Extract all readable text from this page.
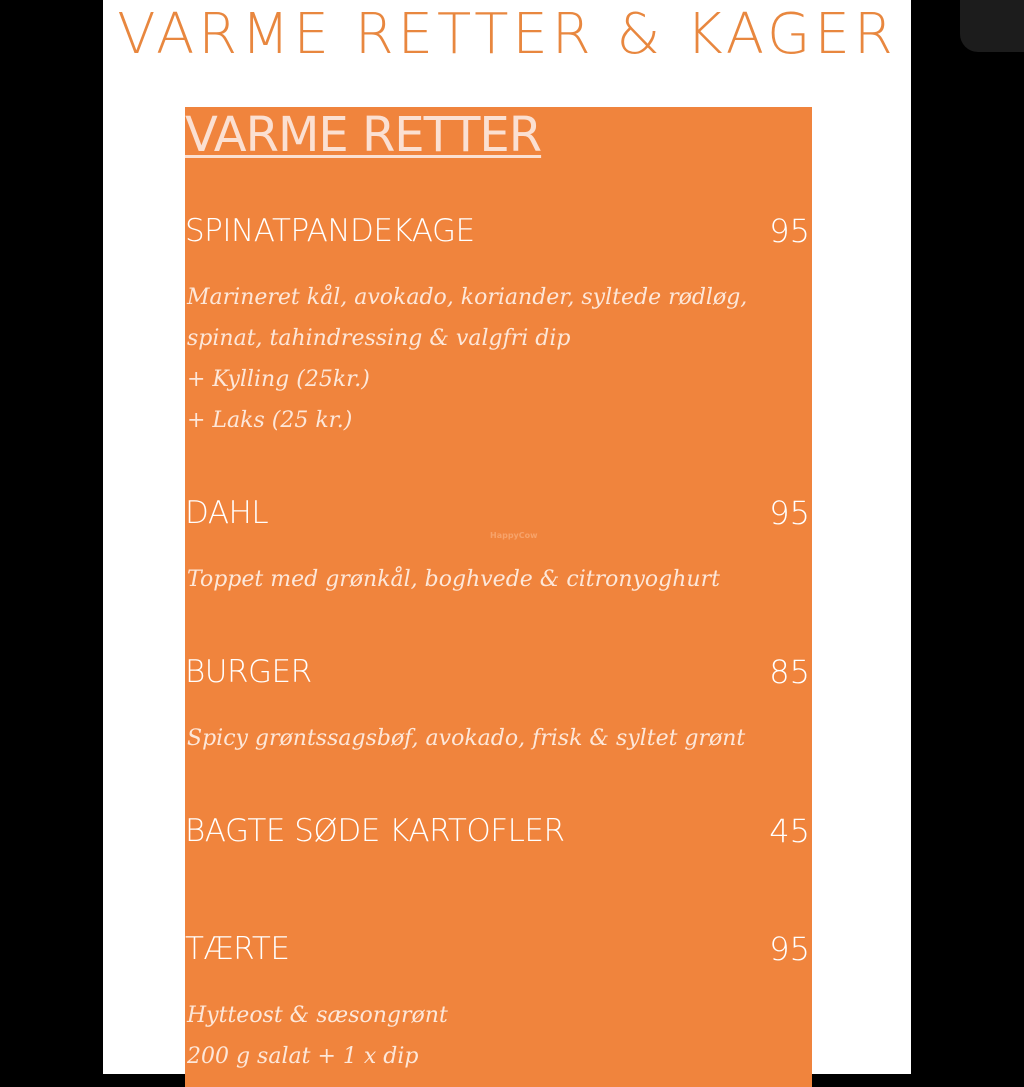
VARME RETTER & KAGER
VARME RETTER
SPINATPANDEKAGE	95
Marineret kål, avokado, koriander, syltede rødløg,
spinat, tahindressing & valgfri dip
+ Kylling (25kr.)
+ Laks (25 kr.)
DAHL	95
HappyCow
Toppet med grønkål, boghvede & citronyoghurt
BURGER	85
Spicy grøntssagsbøf, avokado, frisk & syltet grønt
BAGTE SØDE KARTOFLER	45
TÆRTE	95
Hytteost & sæsongrønt
200 g salat + 1 x dip
